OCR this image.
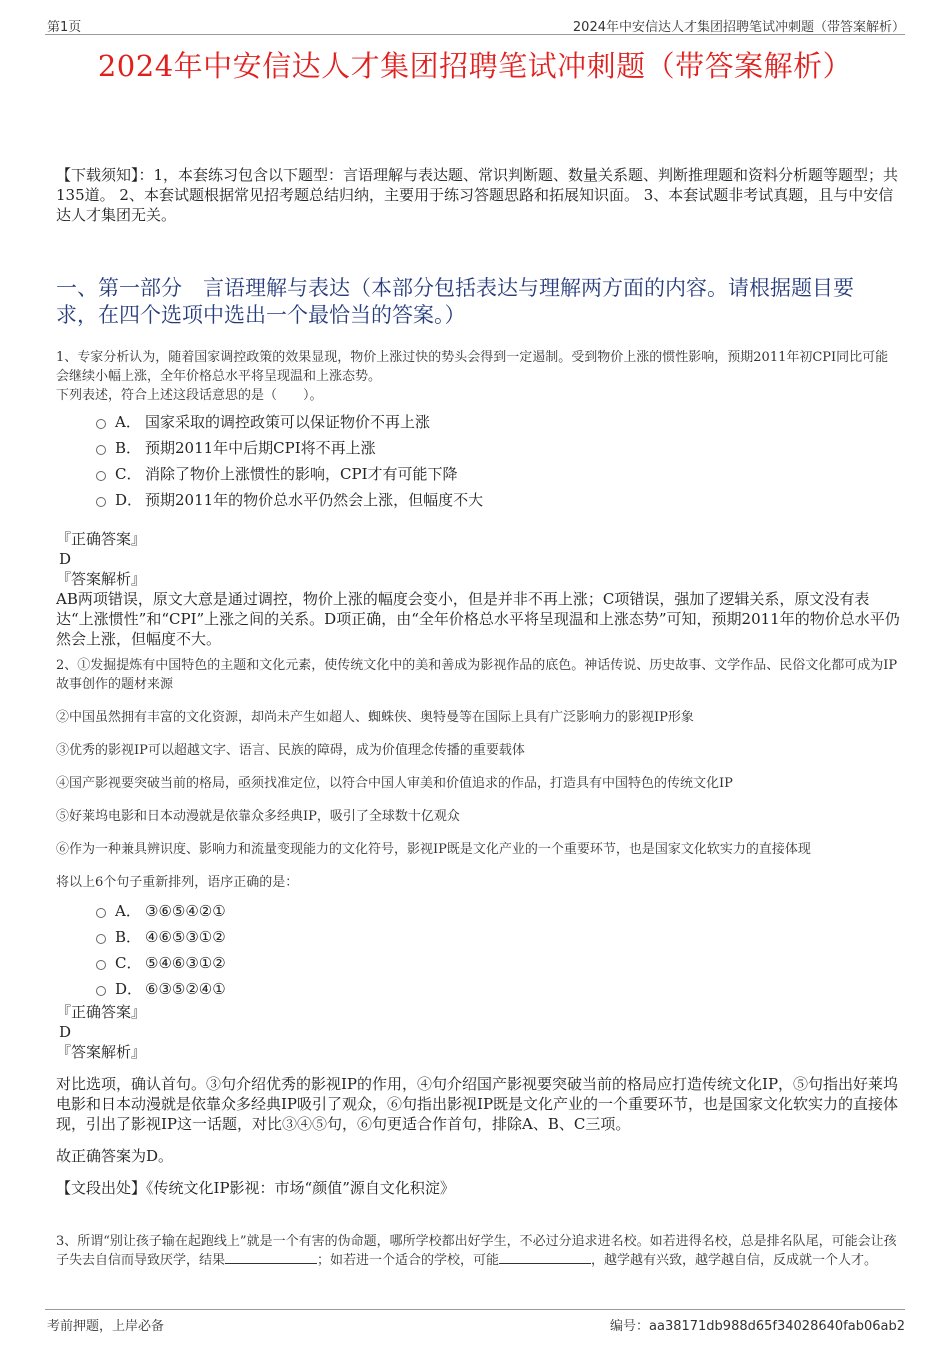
第1页	2024年中安信达人才集团招聘笔试冲刺题（带答案解析）
2024年中安信达人才集团招聘笔试冲刺题（带答案解析）

【下载须知】：1，本套练习包含以下题型：言语理解与表达题、常识判断题、数量关系题、判断推理题和资料分析题等题型；共135道。 2、本套试题根据常见招考题总结归纳，主要用于练习答题思路和拓展知识面。 3、本套试题非考试真题，且与中安信达人才集团无关。

一、第一部分　言语理解与表达（本部分包括表达与理解两方面的内容。请根据题目要求，在四个选项中选出一个最恰当的答案。）

1、专家分析认为，随着国家调控政策的效果显现，物价上涨过快的势头会得到一定遏制。受到物价上涨的惯性影响，预期2011年初CPI同比可能会继续小幅上涨，全年价格总水平将呈现温和上涨态势。

下列表述，符合上述这段话意思的是（　　）。

A． 国家采取的调控政策可以保证物价不再上涨
B． 预期2011年中后期CPI将不再上涨
C． 消除了物价上涨惯性的影响，CPI才有可能下降
D． 预期2011年的物价总水平仍然会上涨，但幅度不大

『正确答案』

D

『答案解析』

AB两项错误，原文大意是通过调控，物价上涨的幅度会变小，但是并非不再上涨；C项错误，强加了逻辑关系，原文没有表达“上涨惯性”和“CPI”上涨之间的关系。D项正确，由“全年价格总水平将呈现温和上涨态势”可知，预期2011年的物价总水平仍然会上涨，但幅度不大。

2、①发掘提炼有中国特色的主题和文化元素，使传统文化中的美和善成为影视作品的底色。神话传说、历史故事、文学作品、民俗文化都可成为IP故事创作的题材来源

②中国虽然拥有丰富的文化资源，却尚未产生如超人、蜘蛛侠、奥特曼等在国际上具有广泛影响力的影视IP形象

③优秀的影视IP可以超越文字、语言、民族的障碍，成为价值理念传播的重要载体

④国产影视要突破当前的格局，亟须找准定位，以符合中国人审美和价值追求的作品，打造具有中国特色的传统文化IP

⑤好莱坞电影和日本动漫就是依靠众多经典IP，吸引了全球数十亿观众

⑥作为一种兼具辨识度、影响力和流量变现能力的文化符号，影视IP既是文化产业的一个重要环节，也是国家文化软实力的直接体现

将以上6个句子重新排列，语序正确的是：

A． ③⑥⑤④②①
B． ④⑥⑤③①②
C． ⑤④⑥③①②
D． ⑥③⑤②④①

『正确答案』

D

『答案解析』

对比选项，确认首句。③句介绍优秀的影视IP的作用，④句介绍国产影视要突破当前的格局应打造传统文化IP，⑤句指出好莱坞电影和日本动漫就是依靠众多经典IP吸引了观众，⑥句指出影视IP既是文化产业的一个重要环节，也是国家文化软实力的直接体现，引出了影视IP这一话题，对比③④⑤句，⑥句更适合作首句，排除A、B、C三项。

故正确答案为D。

【文段出处】《传统文化IP影视：市场“颜值”源自文化积淀》

3、所谓“别让孩子输在起跑线上”就是一个有害的伪命题，哪所学校都出好学生，不必过分追求进名校。如若进得名校，总是排名队尾，可能会让孩子失去自信而导致厌学，结果	；如若进一个适合的学校，可能	，越学越有兴致，越学越自信，反成就一个人才。

考前押题，上岸必备	编号：aa38171db988d65f34028640fab06ab2
